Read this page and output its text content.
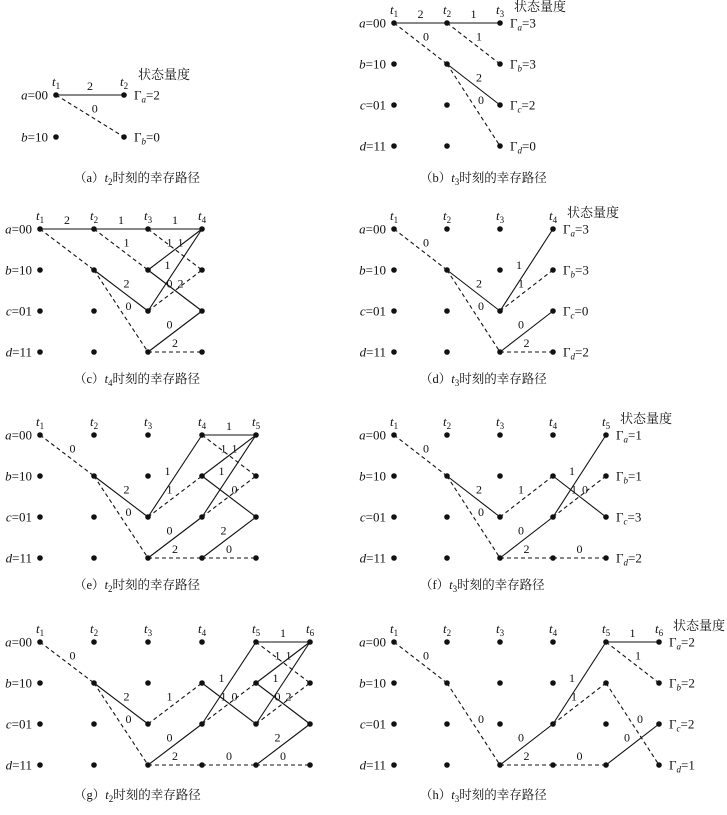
a=00
b=10
$t_1$	$t_2$
2
0
状态量度
$\Gamma_a=2$
$\Gamma_b=0$
$(a)t_2$时刻的幸存路径
a=00
b=10
c=01
d=11
$t_1$	$t_2$	$t_3$
2	1
0	1
2
0
状态量度
$\Gamma_a=3$
$\Gamma_b=3$
$\Gamma_c=2$
$\Gamma_d=0$
$(b)t_3$时刻的幸存路径
a=00
b=10
c=01
d=11
$t_1$	$t_2$	$t_3$	$t_4$
2	1	1
1	1
2
0
1
2
1
0
0
2
$(c)t_4$时刻的幸存路径
a=00
b=10
c=01
d=11
$t_1$	$t_2$	$t_3$	$t_4$
0
2
0
1
1
0
2
状态量度
$\Gamma_a=3$
$\Gamma_b=3$
$\Gamma_c=0$
$\Gamma_d=2$
$(d)t_3$时刻的幸存路径
a=00
b=10
c=01
d=11
$t_1$	$t_2$	$t_3$	$t_4$	$t_5$
0
2
0
1
1
0
2
1
1
1
0
1
2
0
$(e)t_2$时刻的幸存路径
a=00
b=10
c=01
d=11
$t_1$	$t_2$	$t_3$	$t_4$	$t_5$
0
2
0
1
0
2
0
1
1
0
状态量度
$\Gamma_a=1$
$\Gamma_b=1$
$\Gamma_c=3$
$\Gamma_d=2$
$(f)t_3$时刻的幸存路径
a=00
b=10
c=01
d=11
$t_1$	$t_2$	$t_3$	$t_4$	$t_5$	$t_6$
0
2
0
1
0
2
0
1
1
0
1
1
1
2
1
0
2
0
$(g)t_2$时刻的幸存路径
a=00
b=10
c=01
d=11
$t_1$	$t_2$	$t_3$	$t_4$	$t_5$	$t_6$
0
0
0
2
1
1
0
1
1
0
0
状态量度
$\Gamma_a=2$
$\Gamma_b=2$
$\Gamma_c=2$
$\Gamma_d=1$
$(h)t_3$时刻的幸存路径
